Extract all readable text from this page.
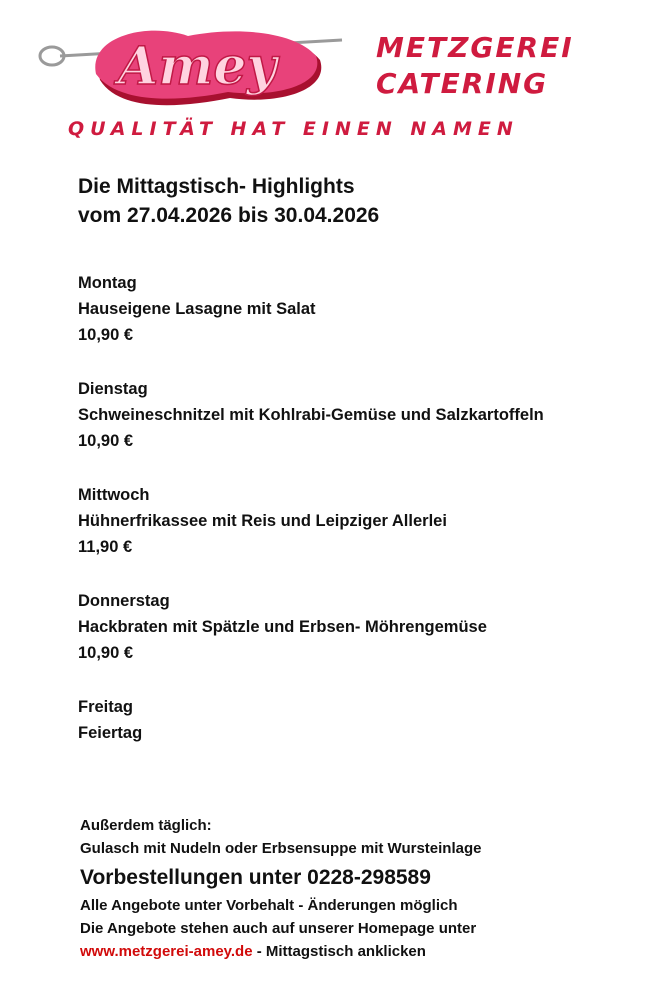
Amey	METZGEREI
CATERING
QUALITÄT HAT EINEN NAMEN

Die Mittagstisch- Highlights

vom 27.04.2026 bis 30.04.2026

Montag
Hauseigene Lasagne mit Salat
10,90 €
Dienstag
Schweineschnitzel mit Kohlrabi-Gemüse und Salzkartoffeln
10,90 €
Mittwoch
Hühnerfrikassee mit Reis und Leipziger Allerlei
11,90 €
Donnerstag
Hackbraten mit Spätzle und Erbsen- Möhrengemüse
10,90 €
Freitag
Feiertag
Außerdem täglich:
Gulasch mit Nudeln oder Erbsensuppe mit Wursteinlage
Vorbestellungen unter 0228-298589
Alle Angebote unter Vorbehalt - Änderungen möglich
Die Angebote stehen auch auf unserer Homepage unter
www.metzgerei-amey.de - Mittagstisch anklicken
